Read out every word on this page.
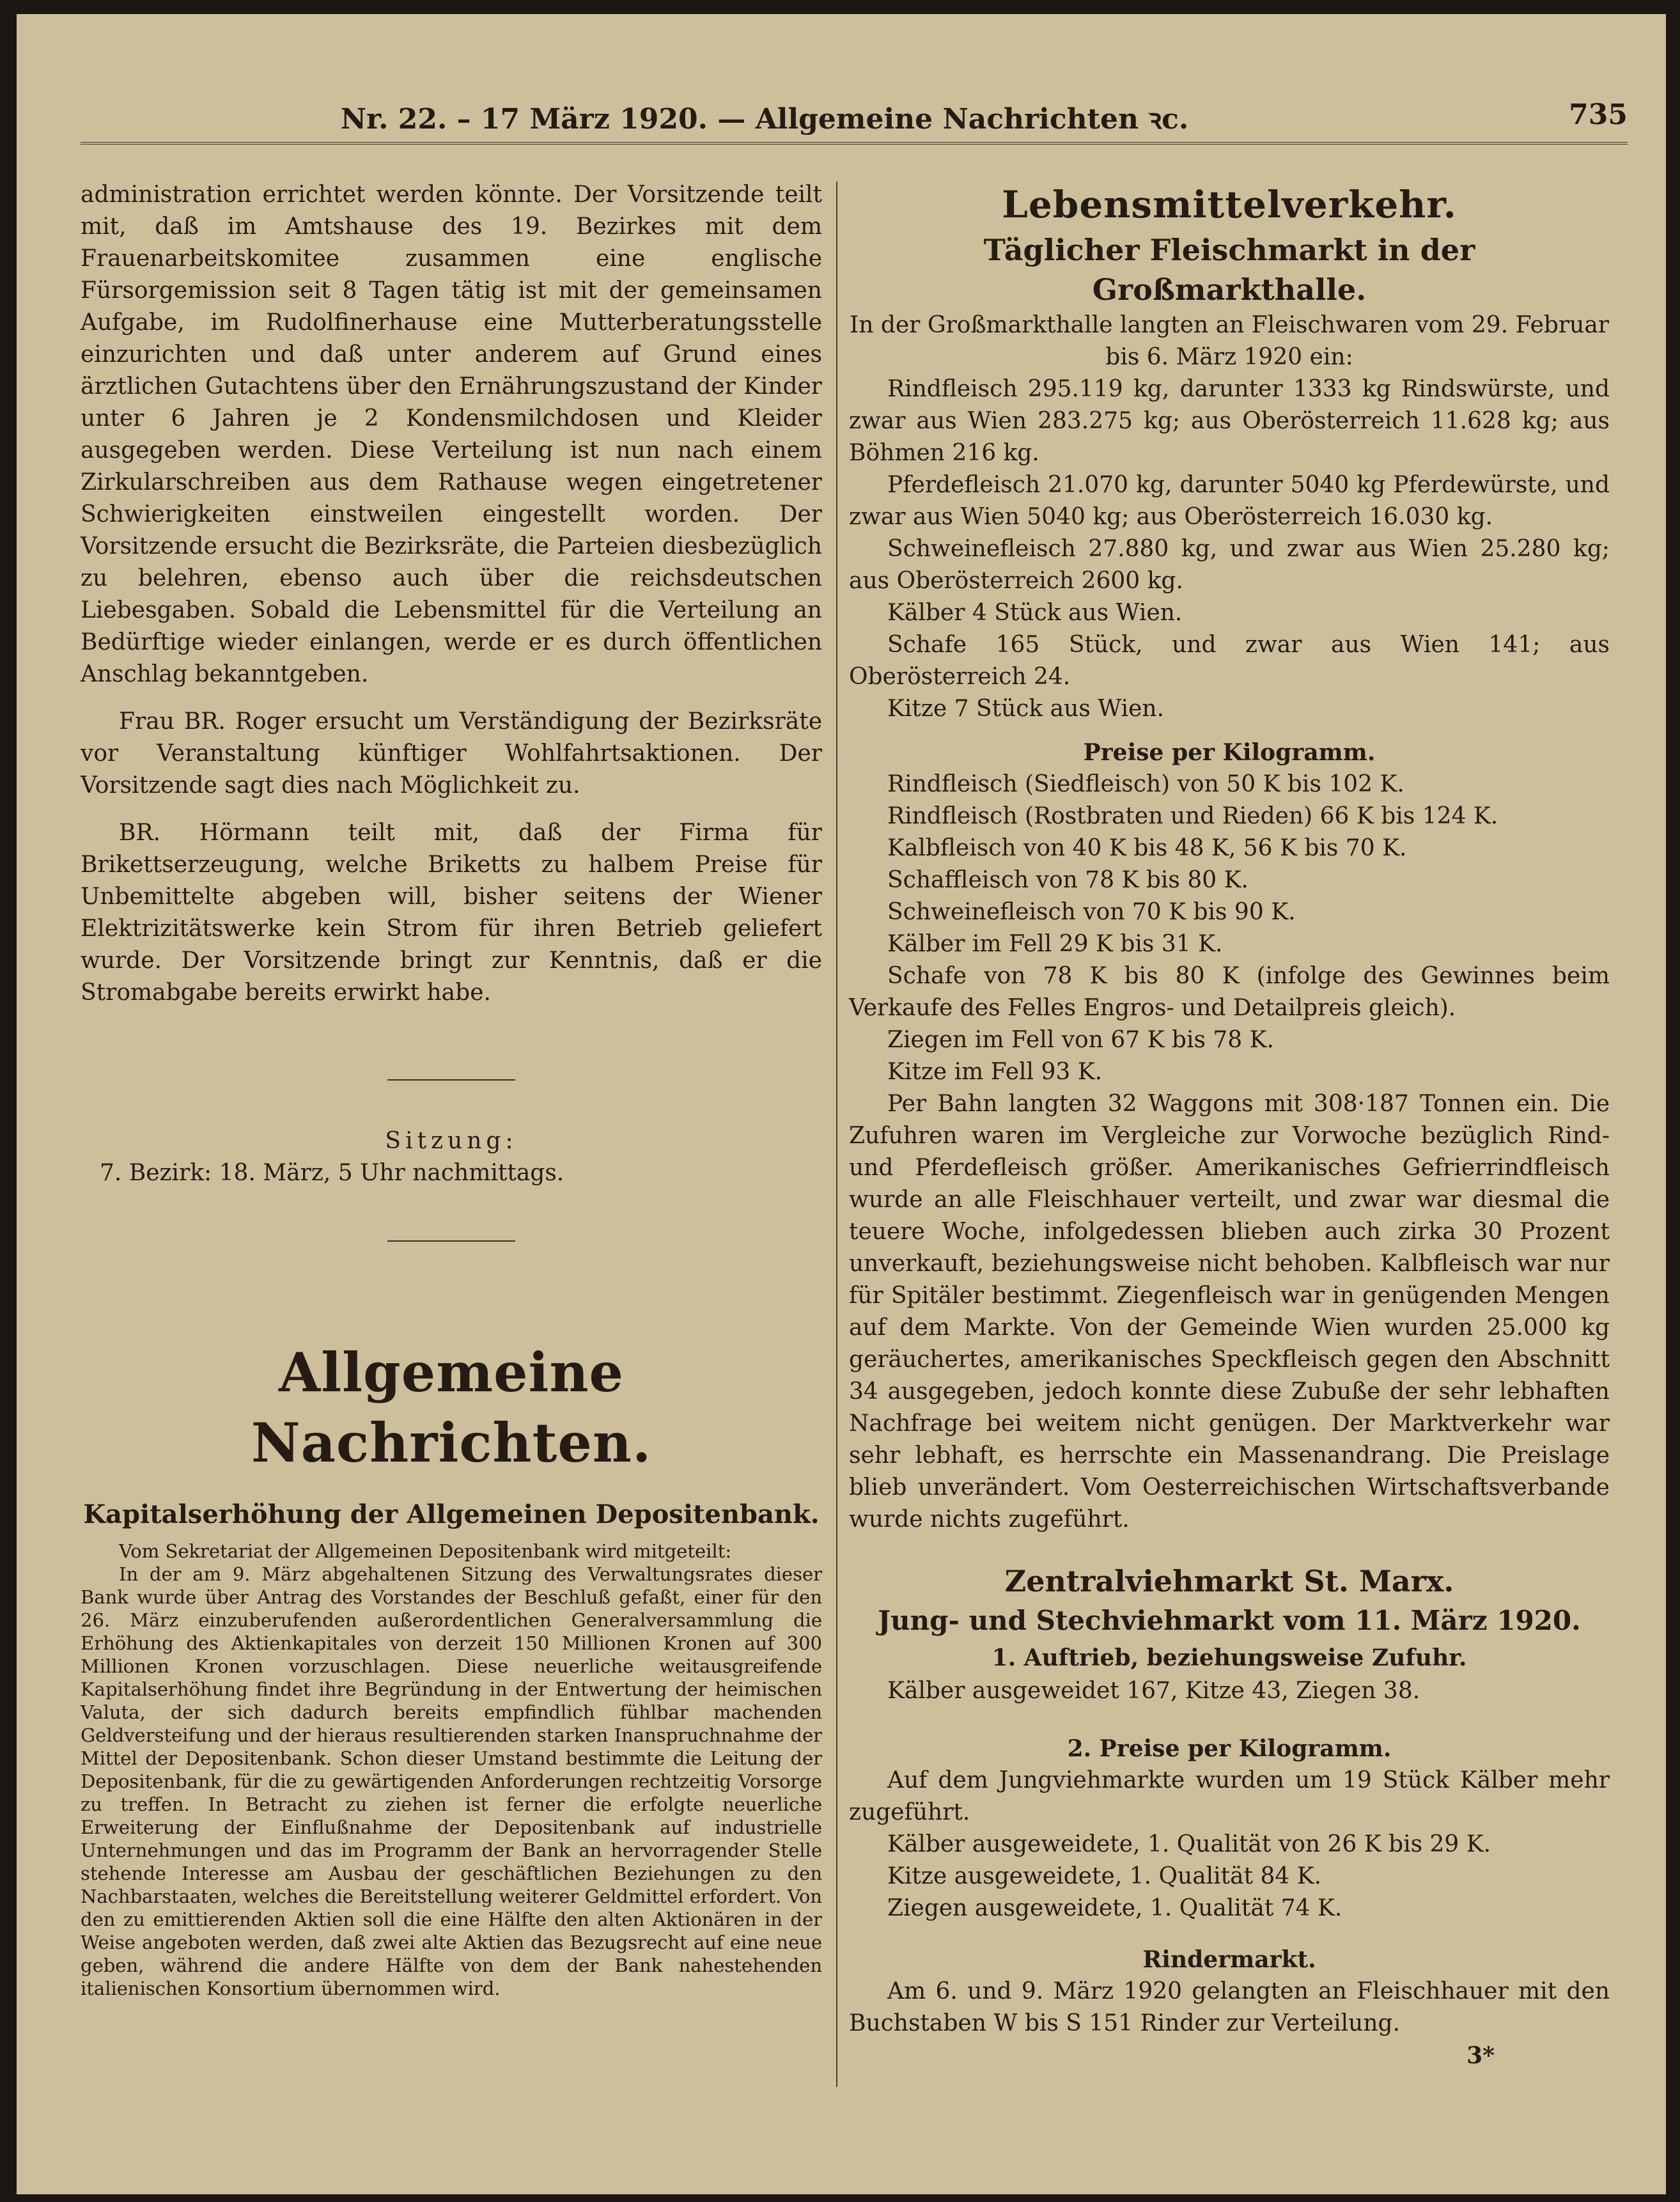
Nr. 22. – 17 März 1920. — Allgemeine Nachrichten ꝛc.	735

administration errichtet werden könnte. Der Vorsitzende teilt mit, daß im Amtshause des 19. Bezirkes mit dem Frauenarbeitskomitee zusammen eine englische Fürsorgemission seit 8 Tagen tätig ist mit der gemeinsamen Aufgabe, im Rudolfinerhause eine Mutterberatungsstelle einzurichten und daß unter anderem auf Grund eines ärztlichen Gutachtens über den Ernährungszustand der Kinder unter 6 Jahren je 2 Kondensmilchdosen und Kleider ausgegeben werden. Diese Verteilung ist nun nach einem Zirkularschreiben aus dem Rathause wegen eingetretener Schwierigkeiten einstweilen eingestellt worden. Der Vorsitzende ersucht die Bezirksräte, die Parteien diesbezüglich zu belehren, ebenso auch über die reichsdeutschen Liebesgaben. Sobald die Lebensmittel für die Verteilung an Bedürftige wieder einlangen, werde er es durch öffentlichen Anschlag bekanntgeben.

Frau BR. Roger ersucht um Verständigung der Bezirksräte vor Veranstaltung künftiger Wohlfahrtsaktionen. Der Vorsitzende sagt dies nach Möglichkeit zu.

BR. Hörmann teilt mit, daß der Firma für Brikettserzeugung, welche Briketts zu halbem Preise für Unbemittelte abgeben will, bisher seitens der Wiener Elektrizitätswerke kein Strom für ihren Betrieb geliefert wurde. Der Vorsitzende bringt zur Kenntnis, daß er die Stromabgabe bereits erwirkt habe.

Sitzung:

7. Bezirk: 18. März, 5 Uhr nachmittags.

Allgemeine Nachrichten.

Kapitalserhöhung der Allgemeinen Depositenbank.

Vom Sekretariat der Allgemeinen Depositenbank wird mitgeteilt:

In der am 9. März abgehaltenen Sitzung des Verwaltungsrates dieser Bank wurde über Antrag des Vorstandes der Beschluß gefaßt, einer für den 26. März einzuberufenden außerordentlichen Generalversammlung die Erhöhung des Aktienkapitales von derzeit 150 Millionen Kronen auf 300 Millionen Kronen vorzuschlagen. Diese neuerliche weitausgreifende Kapitalserhöhung findet ihre Begründung in der Entwertung der heimischen Valuta, der sich dadurch bereits empfindlich fühlbar machenden Geldversteifung und der hieraus resultierenden starken Inanspruchnahme der Mittel der Depositenbank. Schon dieser Umstand bestimmte die Leitung der Depositenbank, für die zu gewärtigenden Anforderungen rechtzeitig Vorsorge zu treffen. In Betracht zu ziehen ist ferner die erfolgte neuerliche Erweiterung der Einflußnahme der Depositenbank auf industrielle Unternehmungen und das im Programm der Bank an hervorragender Stelle stehende Interesse am Ausbau der geschäftlichen Beziehungen zu den Nachbarstaaten, welches die Bereitstellung weiterer Geldmittel erfordert. Von den zu emittierenden Aktien soll die eine Hälfte den alten Aktionären in der Weise angeboten werden, daß zwei alte Aktien das Bezugsrecht auf eine neue geben, während die andere Hälfte von dem der Bank nahestehenden italienischen Konsortium übernommen wird.

Lebensmittelverkehr.

Täglicher Fleischmarkt in der Großmarkthalle.

In der Großmarkthalle langten an Fleischwaren vom 29. Februar bis 6. März 1920 ein:

Rindfleisch 295.119 kg, darunter 1333 kg Rindswürste, und zwar aus Wien 283.275 kg; aus Oberösterreich 11.628 kg; aus Böhmen 216 kg.

Pferdefleisch 21.070 kg, darunter 5040 kg Pferdewürste, und zwar aus Wien 5040 kg; aus Oberösterreich 16.030 kg.

Schweinefleisch 27.880 kg, und zwar aus Wien 25.280 kg; aus Oberösterreich 2600 kg.

Kälber 4 Stück aus Wien.

Schafe 165 Stück, und zwar aus Wien 141; aus Oberösterreich 24.

Kitze 7 Stück aus Wien.

Preise per Kilogramm.

Rindfleisch (Siedfleisch) von 50 K bis 102 K.

Rindfleisch (Rostbraten und Rieden) 66 K bis 124 K.

Kalbfleisch von 40 K bis 48 K, 56 K bis 70 K.

Schaffleisch von 78 K bis 80 K.

Schweinefleisch von 70 K bis 90 K.

Kälber im Fell 29 K bis 31 K.

Schafe von 78 K bis 80 K (infolge des Gewinnes beim Verkaufe des Felles Engros- und Detailpreis gleich).

Ziegen im Fell von 67 K bis 78 K.

Kitze im Fell 93 K.

Per Bahn langten 32 Waggons mit 308·187 Tonnen ein. Die Zufuhren waren im Vergleiche zur Vorwoche bezüglich Rind- und Pferdefleisch größer. Amerikanisches Gefrierrindfleisch wurde an alle Fleischhauer verteilt, und zwar war diesmal die teuere Woche, infolgedessen blieben auch zirka 30 Prozent unverkauft, beziehungsweise nicht behoben. Kalbfleisch war nur für Spitäler bestimmt. Ziegenfleisch war in genügenden Mengen auf dem Markte. Von der Gemeinde Wien wurden 25.000 kg geräuchertes, amerikanisches Speckfleisch gegen den Abschnitt 34 ausgegeben, jedoch konnte diese Zubuße der sehr lebhaften Nachfrage bei weitem nicht genügen. Der Marktverkehr war sehr lebhaft, es herrschte ein Massenandrang. Die Preislage blieb unverändert. Vom Oesterreichischen Wirtschaftsverbande wurde nichts zugeführt.

Zentralviehmarkt St. Marx.

Jung- und Stechviehmarkt vom 11. März 1920.

1. Auftrieb, beziehungsweise Zufuhr.

Kälber ausgeweidet 167, Kitze 43, Ziegen 38.

2. Preise per Kilogramm.

Auf dem Jungviehmarkte wurden um 19 Stück Kälber mehr zugeführt.

Kälber ausgeweidete, 1. Qualität von 26 K bis 29 K.

Kitze ausgeweidete, 1. Qualität 84 K.

Ziegen ausgeweidete, 1. Qualität 74 K.

Rindermarkt.

Am 6. und 9. März 1920 gelangten an Fleischhauer mit den Buchstaben W bis S 151 Rinder zur Verteilung.

3*
